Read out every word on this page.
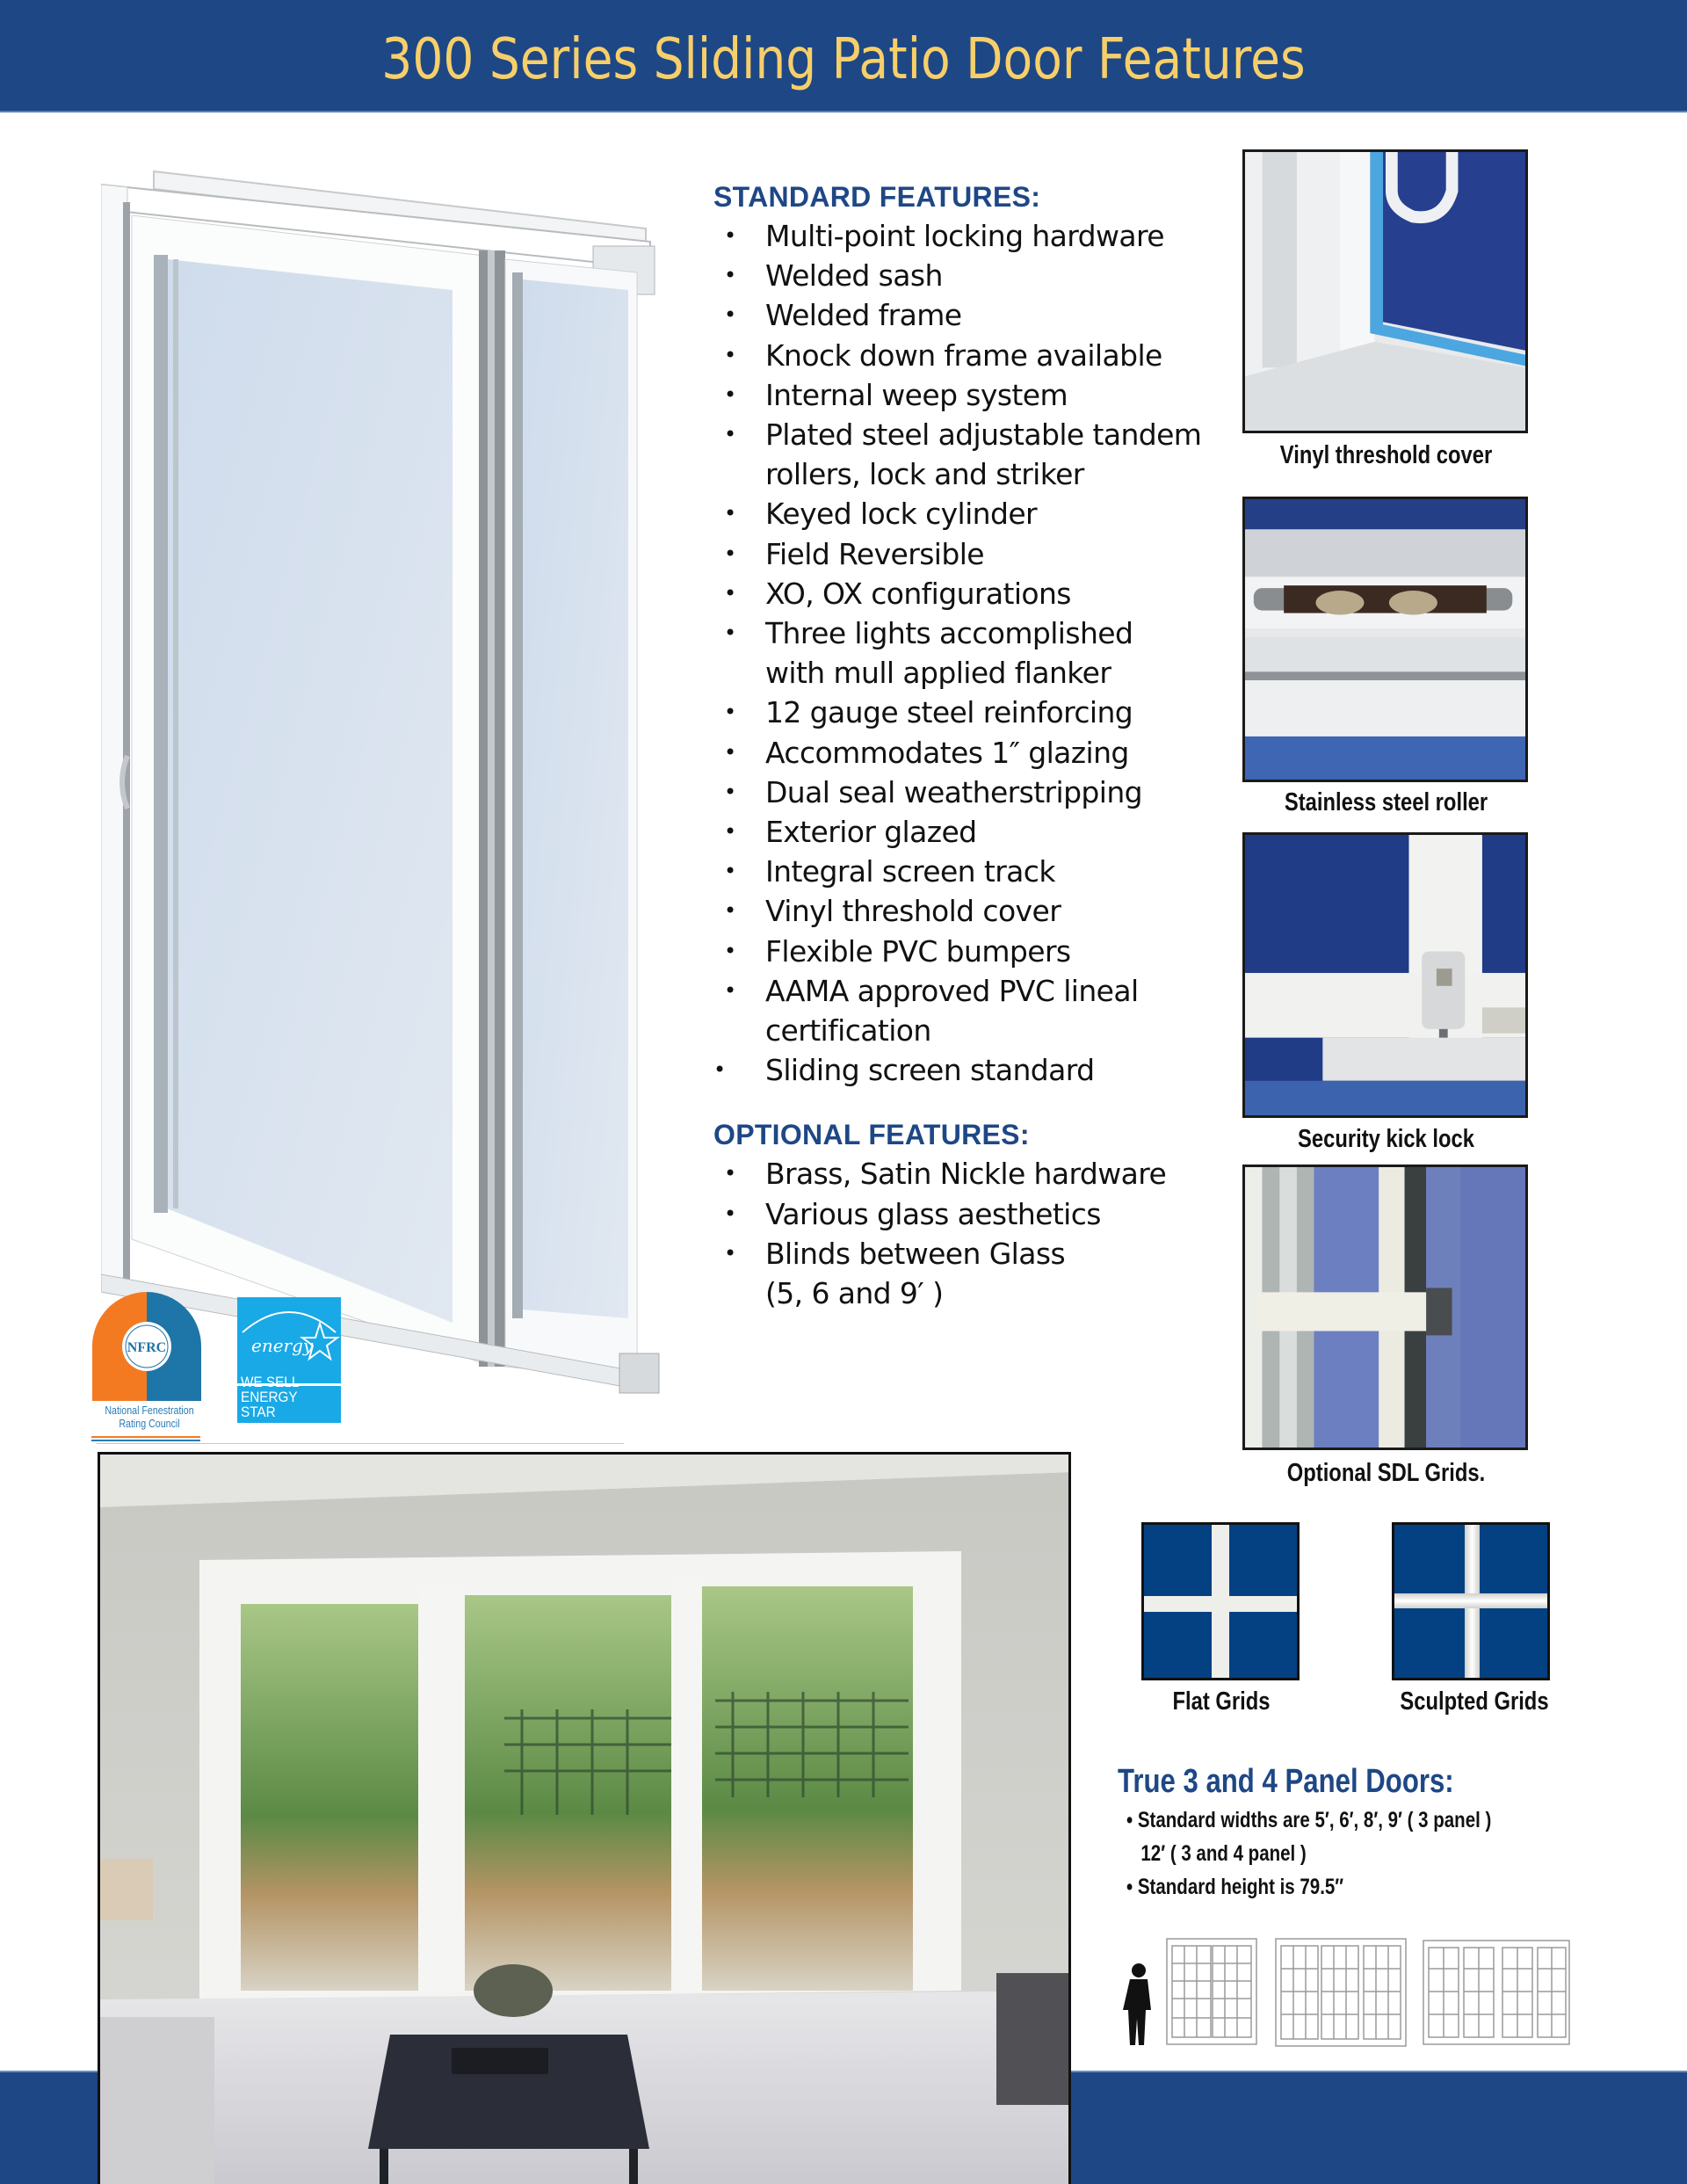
300 Series Sliding Patio Door Features
STANDARD FEATURES:
• Multi-point locking hardware
• Welded sash
• Welded frame
• Knock down frame available
• Internal weep system
• Plated steel adjustable tandem
rollers, lock and striker
• Keyed lock cylinder
• Field Reversible
• XO, OX configurations
• Three lights accomplished
with mull applied flanker
• 12 gauge steel reinforcing
• Accommodates 1″ glazing
• Dual seal weatherstripping
• Exterior glazed
• Integral screen track
• Vinyl threshold cover
• Flexible PVC bumpers
• AAMA approved PVC lineal
certification
• Sliding screen standard
OPTIONAL FEATURES:
• Brass, Satin Nickle hardware
• Various glass aesthetics
• Blinds between Glass
(5, 6 and 9′ )
Vinyl threshold cover
Stainless steel roller
Security kick lock
Optional SDL Grids.
Flat Grids	Sculpted Grids
True 3 and 4 Panel Doors:
• Standard widths are 5′, 6′, 8′, 9′ ( 3 panel )
12′ ( 3 and 4 panel )
• Standard height is 79.5″
NFRC
National Fenestration
Rating Council
energy
WE SELL
ENERGY STAR
